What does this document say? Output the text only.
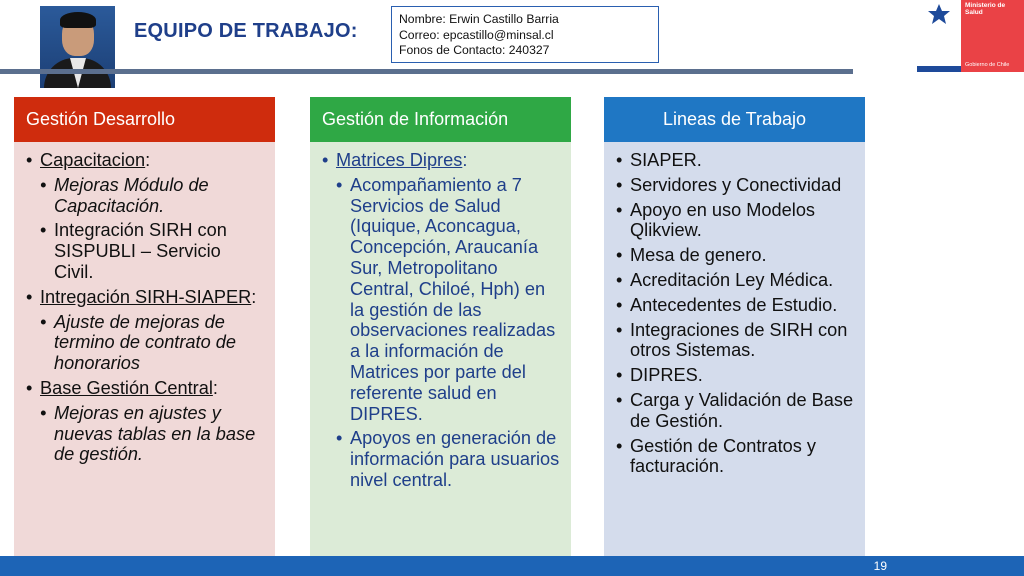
EQUIPO DE TRABAJO:
Nombre: Erwin Castillo Barria
Correo: epcastillo@minsal.cl
Fonos de Contacto: 240327
Ministerio de
Salud
Gobierno de Chile
Gestión Desarrollo
• Capacitacion:
• Mejoras Módulo de Capacitación.
• Integración SIRH con SISPUBLI – Servicio Civil.
• Intregación SIRH-SIAPER:
• Ajuste de mejoras de termino de contrato de honorarios
• Base Gestión Central:
• Mejoras en ajustes y nuevas tablas en la base de gestión.
Gestión de Información
• Matrices Dipres:
• Acompañamiento a 7 Servicios de Salud (Iquique, Aconcagua, Concepción, Araucanía Sur, Metropolitano Central, Chiloé, Hph) en la gestión de las observaciones realizadas a la información de Matrices por parte del referente salud en DIPRES.
• Apoyos en generación de información para usuarios nivel central.
Lineas de Trabajo
• SIAPER.
• Servidores y Conectividad
• Apoyo en uso Modelos Qlikview.
• Mesa de genero.
• Acreditación Ley Médica.
• Antecedentes de Estudio.
• Integraciones de SIRH con otros Sistemas.
• DIPRES.
• Carga y Validación de Base de Gestión.
• Gestión de Contratos y facturación.
19
